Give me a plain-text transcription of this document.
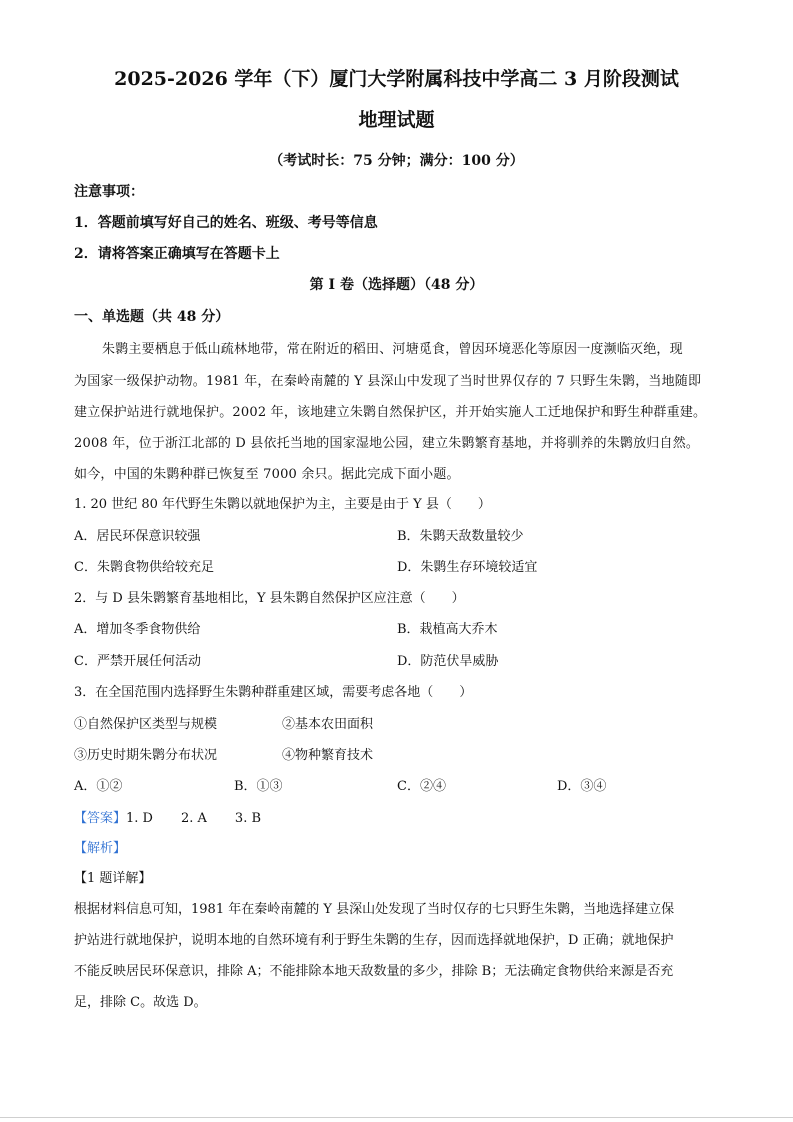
2025-2026 学年（下）厦门大学附属科技中学高二 3 月阶段测试
地理试题
（考试时长：75 分钟；满分：100 分）
注意事项：
1．答题前填写好自己的姓名、班级、考号等信息
2．请将答案正确填写在答题卡上
第 I 卷（选择题）（48 分）
一、单选题（共 48 分）
朱鹮主要栖息于低山疏林地带，常在附近的稻田、河塘觅食，曾因环境恶化等原因一度濒临灭绝，现
为国家一级保护动物。1981 年，在秦岭南麓的 Y 县深山中发现了当时世界仅存的 7 只野生朱鹮，当地随即
建立保护站进行就地保护。2002 年，该地建立朱鹮自然保护区，并开始实施人工迁地保护和野生种群重建。
2008 年，位于浙江北部的 D 县依托当地的国家湿地公园，建立朱鹮繁育基地，并将驯养的朱鹮放归自然。
如今，中国的朱鹮种群已恢复至 7000 余只。据此完成下面小题。
1. 20 世纪 80 年代野生朱鹮以就地保护为主，主要是由于 Y 县（　　）
A．居民环保意识较强	B．朱鹮天敌数量较少
C．朱鹮食物供给较充足	D．朱鹮生存环境较适宜
2．与 D 县朱鹮繁育基地相比，Y 县朱鹮自然保护区应注意（　　）
A．增加冬季食物供给	B．栽植高大乔木
C．严禁开展任何活动	D．防范伏旱威胁
3．在全国范围内选择野生朱鹮种群重建区域，需要考虑各地（　　）
①自然保护区类型与规模	②基本农田面积
③历史时期朱鹮分布状况	④物种繁育技术
A．①②	B．①③	C．②④	D．③④
【答案】1. D 2. A 3. B
【解析】
【1 题详解】
根据材料信息可知，1981 年在秦岭南麓的 Y 县深山处发现了当时仅存的七只野生朱鹮，当地选择建立保
护站进行就地保护，说明本地的自然环境有利于野生朱鹮的生存，因而选择就地保护，D 正确；就地保护
不能反映居民环保意识，排除 A；不能排除本地天敌数量的多少，排除 B；无法确定食物供给来源是否充
足，排除 C。故选 D。
